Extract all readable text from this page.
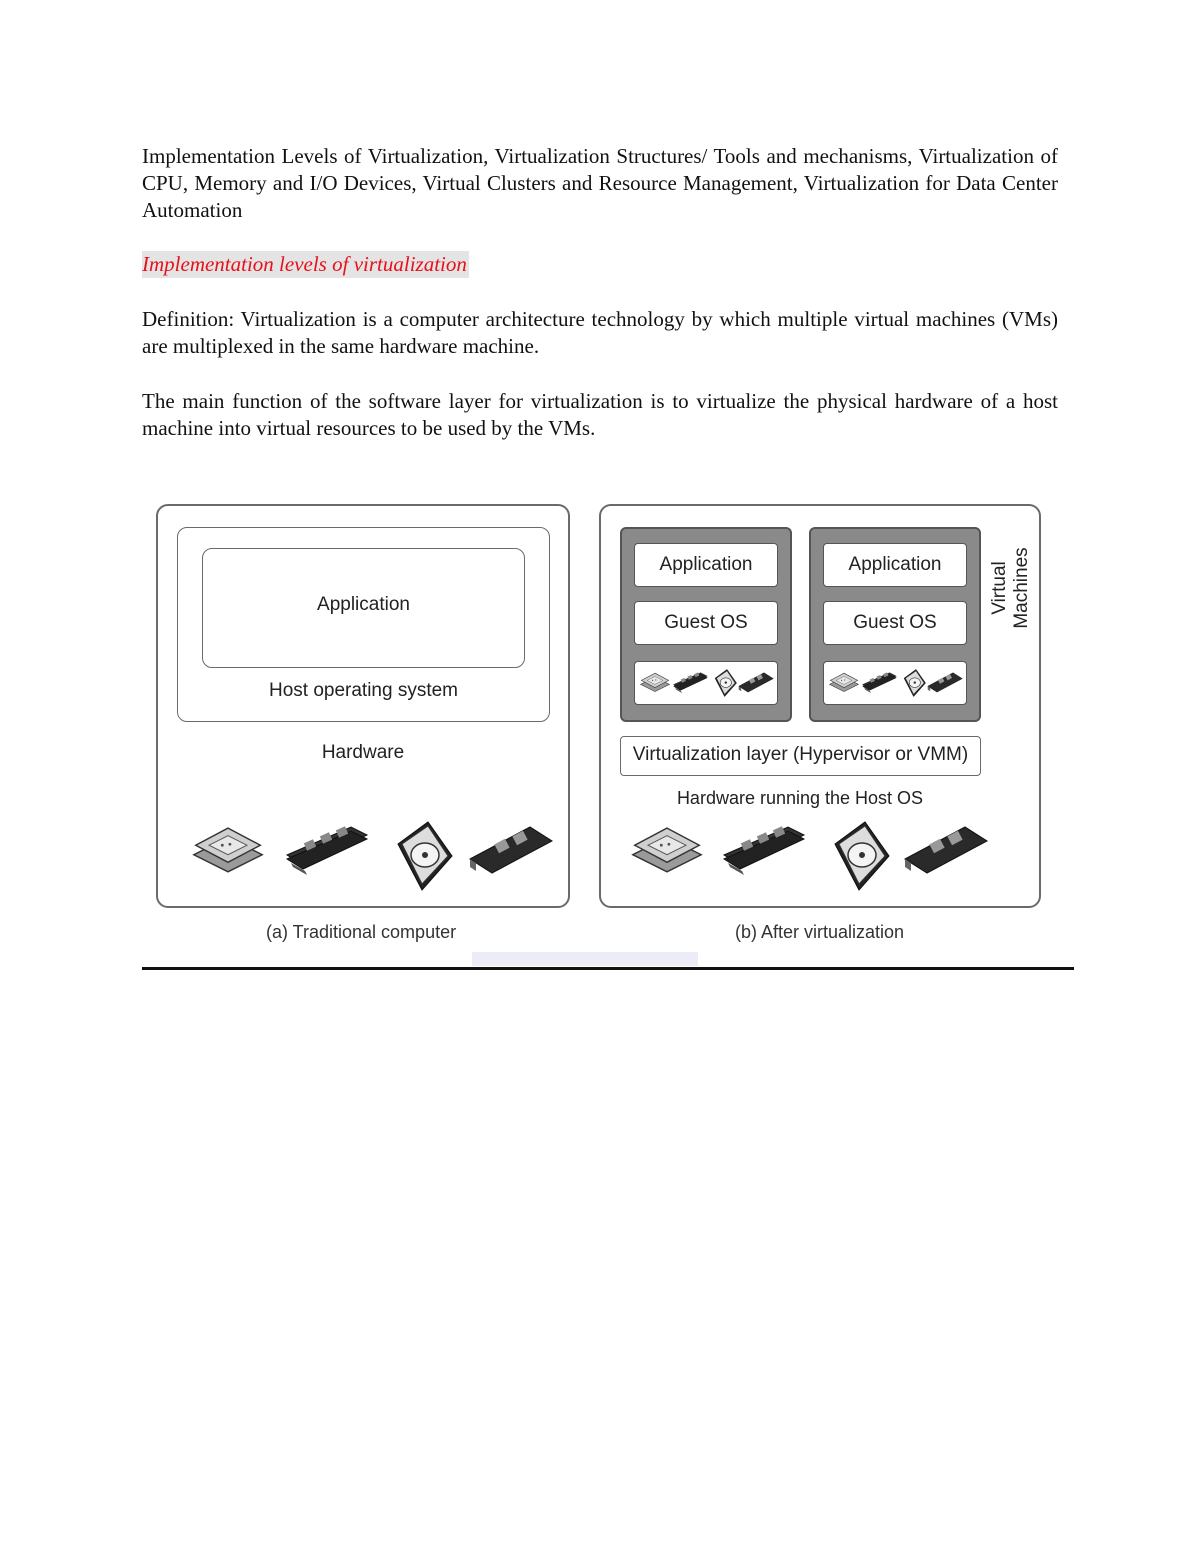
Implementation Levels of Virtualization, Virtualization Structures/ Tools and mechanisms, Virtualization of CPU, Memory and I/O Devices, Virtual Clusters and Resource Management, Virtualization for Data Center Automation

Implementation levels of virtualization

Definition: Virtualization is a computer architecture technology by which multiple virtual machines (VMs) are multiplexed in the same hardware machine.

The main function of the software layer for virtualization is to virtualize the physical hardware of a host machine into virtual resources to be used by the VMs.

Application
Host operating system
Hardware
(a) Traditional computer
Application
Guest OS
Application
Guest OS
Virtual Machines
Virtualization layer (Hypervisor or VMM)
Hardware running the Host OS
(b) After virtualization
